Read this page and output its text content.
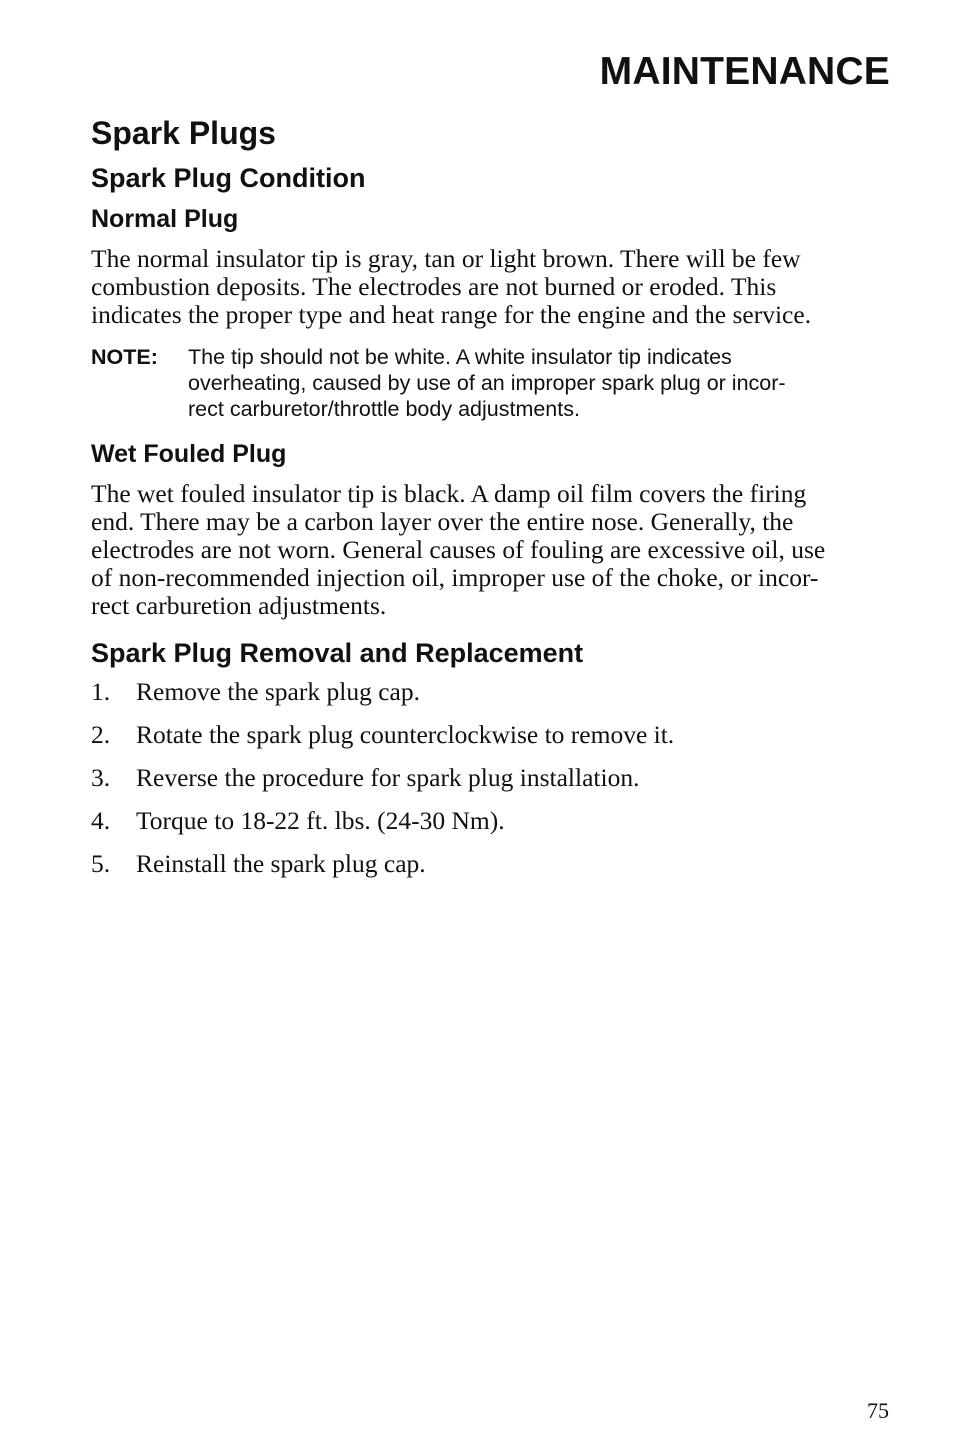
MAINTENANCE
Spark Plugs
Spark Plug Condition
Normal Plug

The normal insulator tip is gray, tan or light brown. There will be few
combustion deposits. The electrodes are not burned or eroded. This
indicates the proper type and heat range for the engine and the service.

NOTE: The tip should not be white. A white insulator tip indicates
overheating, caused by use of an improper spark plug or incor-
rect carburetor/throttle body adjustments.
Wet Fouled Plug

The wet fouled insulator tip is black. A damp oil film covers the firing
end. There may be a carbon layer over the entire nose. Generally, the
electrodes are not worn. General causes of fouling are excessive oil, use
of non-recommended injection oil, improper use of the choke, or incor-
rect carburetion adjustments.

Spark Plug Removal and Replacement
1. Remove the spark plug cap.
2. Rotate the spark plug counterclockwise to remove it.
3. Reverse the procedure for spark plug installation.
4. Torque to 18-22 ft. lbs. (24-30 Nm).
5. Reinstall the spark plug cap.
75
